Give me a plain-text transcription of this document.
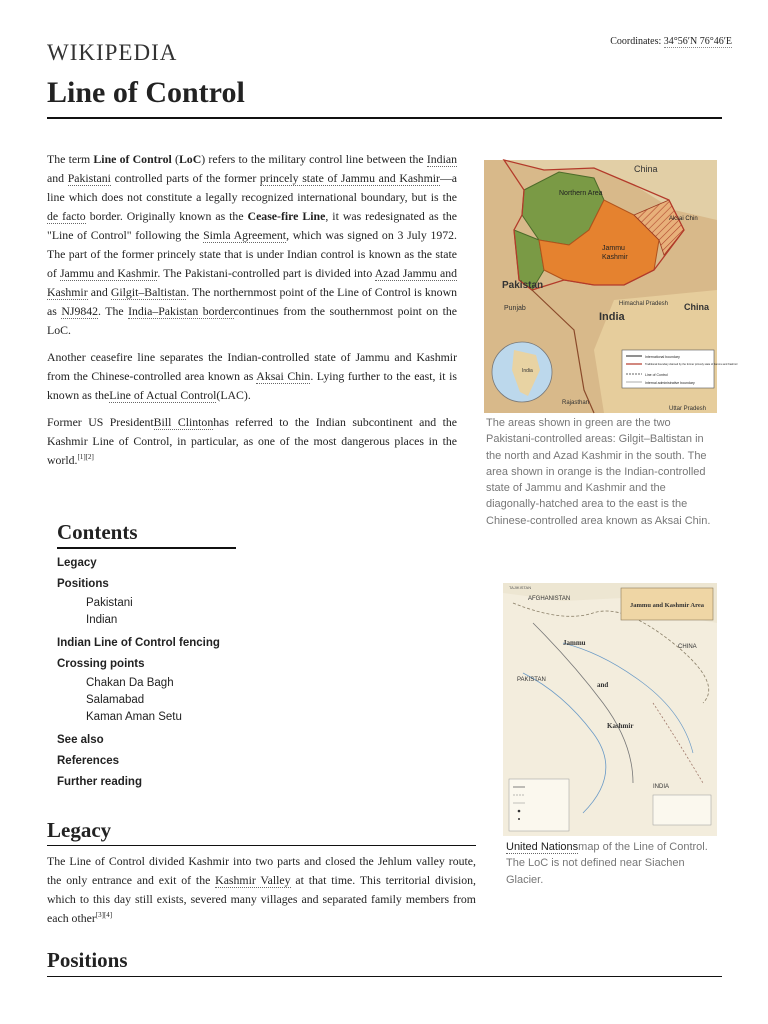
WIKIPEDIA	Coordinates: 34°56′N 76°46′E
Line of Control

The term Line of Control (LoC) refers to the military control line between the Indian and Pakistani controlled parts of the former princely state of Jammu and Kashmir—a line which does not constitute a legally recognized international boundary, but is the de facto border. Originally known as the Cease-fire Line, it was redesignated as the "Line of Control" following the Simla Agreement, which was signed on 3 July 1972. The part of the former princely state that is under Indian control is known as the state of Jammu and Kashmir. The Pakistani-controlled part is divided into Azad Jammu and Kashmir and Gilgit–Baltistan. The northernmost point of the Line of Control is known as NJ9842. The India–Pakistan bordercontinues from the southernmost point on the LoC.

Another ceasefire line separates the Indian-controlled state of Jammu and Kashmir from the Chinese-controlled area known as Aksai Chin. Lying further to the east, it is known as theLine of Actual Control(LAC).

Former US PresidentBill Clintonhas referred to the Indian subcontinent and the Kashmir Line of Control, in particular, as one of the most dangerous places in the world.[1][2]

China
Northern Area
Jammu
Kashmir
Aksai Chin
Pakistan
India
China
Punjab
Himachal Pradesh
Rajasthan
Uttar Pradesh
India
International boundary
Traditional boundary claimed by the former princely state of Jammu and Kashmir
Line of Control
Internal administrative boundary
The areas shown in green are the two Pakistani-controlled areas: Gilgit–Baltistan in the north and Azad Kashmir in the south. The area shown in orange is the Indian-controlled state of Jammu and Kashmir and the diagonally-hatched area to the east is the Chinese-controlled area known as Aksai Chin.
Jammu and Kashmir Area
TAJIKISTAN
AFGHANISTAN
CHINA
Jammu
PAKISTAN
and
Kashmir
INDIA
United Nationsmap of the Line of Control. The LoC is not defined near Siachen Glacier.
Contents
Legacy
Positions
Pakistani
Indian
Indian Line of Control fencing
Crossing points
Chakan Da Bagh
Salamabad
Kaman Aman Setu
See also
References
Further reading
Legacy

The Line of Control divided Kashmir into two parts and closed the Jehlum valley route, the only entrance and exit of the Kashmir Valley at that time. This territorial division, which to this day still exists, severed many villages and separated family members from each other[3][4]

Positions
